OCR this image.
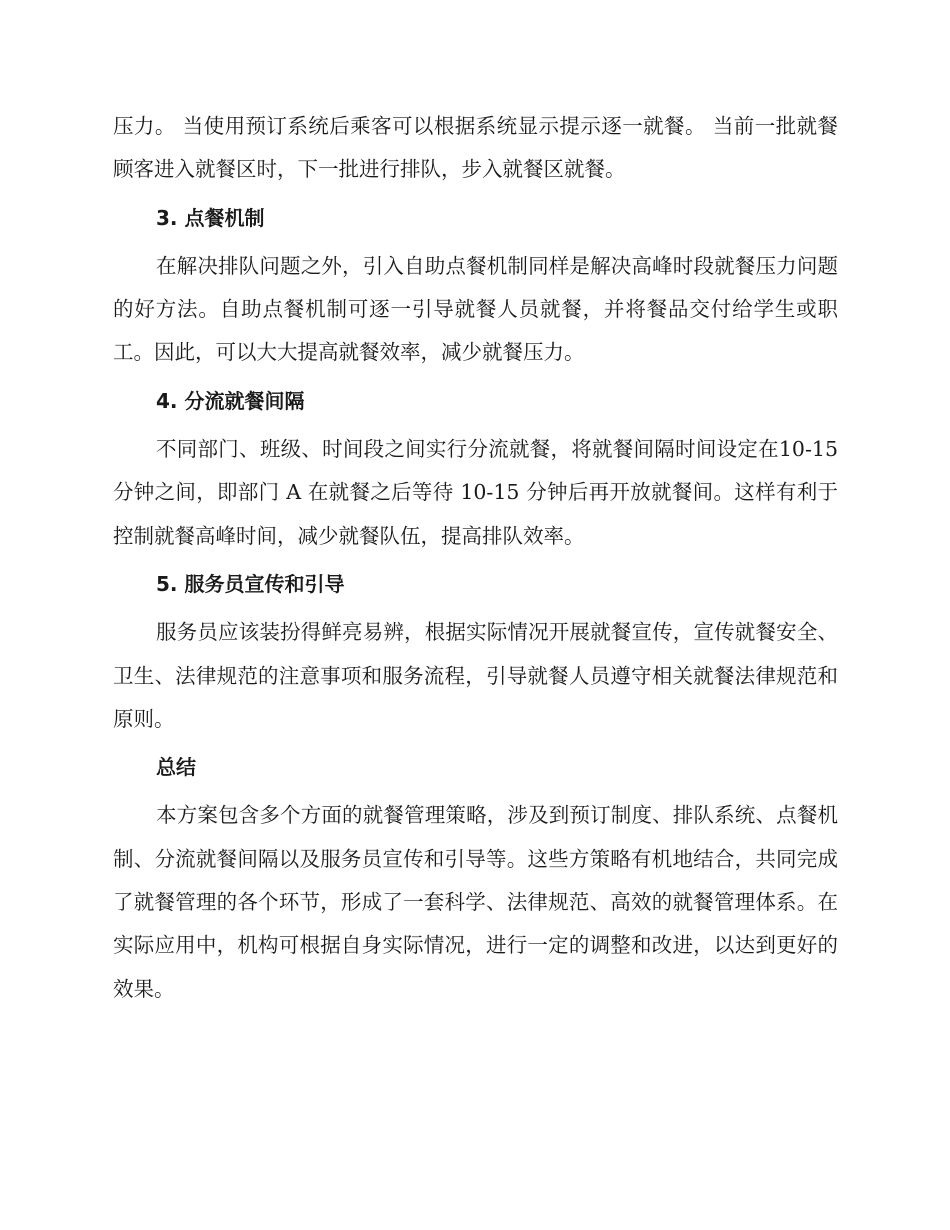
压力。 当使用预订系统后乘客可以根据系统显示提示逐一就餐。 当前一批就餐顾客进入就餐区时，下一批进行排队，步入就餐区就餐。

3. 点餐机制

在解决排队问题之外，引入自助点餐机制同样是解决高峰时段就餐压力问题的好方法。自助点餐机制可逐一引导就餐人员就餐，并将餐品交付给学生或职工。因此，可以大大提高就餐效率，减少就餐压力。

4. 分流就餐间隔

不同部门、班级、时间段之间实行分流就餐，将就餐间隔时间设定在10-15 分钟之间，即部门 A 在就餐之后等待 10-15 分钟后再开放就餐间。这样有利于控制就餐高峰时间，减少就餐队伍，提高排队效率。

5. 服务员宣传和引导

服务员应该装扮得鲜亮易辨，根据实际情况开展就餐宣传，宣传就餐安全、卫生、法律规范的注意事项和服务流程，引导就餐人员遵守相关就餐法律规范和原则。

总结

本方案包含多个方面的就餐管理策略，涉及到预订制度、排队系统、点餐机制、分流就餐间隔以及服务员宣传和引导等。这些方策略有机地结合，共同完成了就餐管理的各个环节，形成了一套科学、法律规范、高效的就餐管理体系。在实际应用中，机构可根据自身实际情况，进行一定的调整和改进，以达到更好的效果。
